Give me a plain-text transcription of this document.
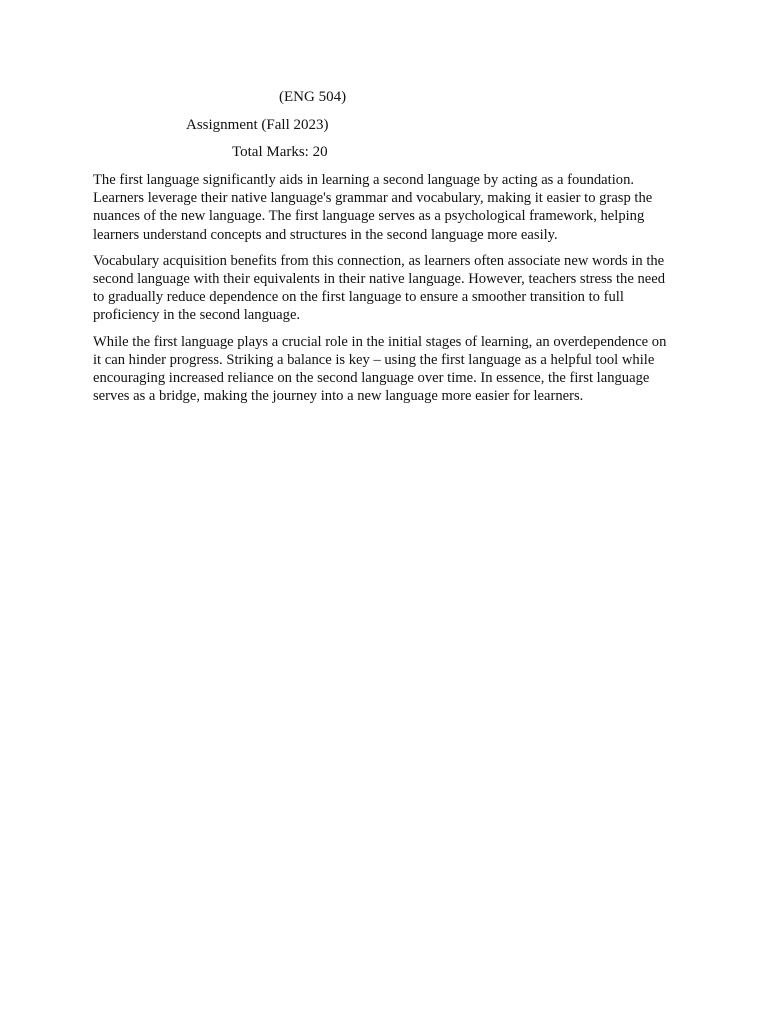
(ENG 504)
Assignment (Fall 2023)
Total Marks: 20

The first language significantly aids in learning a second language by acting as a foundation. Learners leverage their native language's grammar and vocabulary, making it easier to grasp the nuances of the new language. The first language serves as a psychological framework, helping learners understand concepts and structures in the second language more easily.

Vocabulary acquisition benefits from this connection, as learners often associate new words in the second language with their equivalents in their native language. However, teachers stress the need to gradually reduce dependence on the first language to ensure a smoother transition to full proficiency in the second language.

While the first language plays a crucial role in the initial stages of learning, an overdependence on it can hinder progress. Striking a balance is key – using the first language as a helpful tool while encouraging increased reliance on the second language over time. In essence, the first language serves as a bridge, making the journey into a new language more easier for learners.
